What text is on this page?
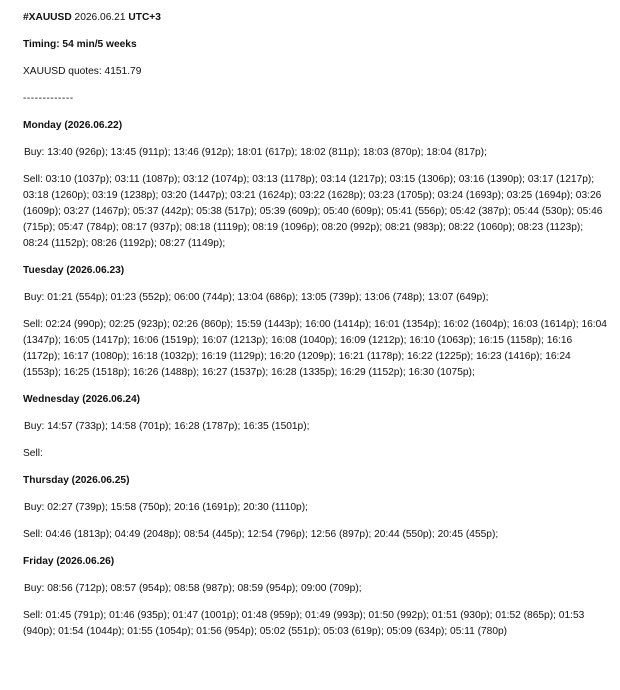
#XAUUSD 2026.06.21 UTC+3

Timing: 54 min/5 weeks

XAUUSD quotes: 4151.79

-------------

Monday (2026.06.22)

Buy: 13:40 (926p); 13:45 (911p); 13:46 (912p); 18:01 (617p); 18:02 (811p); 18:03 (870p); 18:04 (817p);

Sell: 03:10 (1037p); 03:11 (1087p); 03:12 (1074p); 03:13 (1178p); 03:14 (1217p); 03:15 (1306p); 03:16 (1390p); 03:17 (1217p); 03:18 (1260p); 03:19 (1238p); 03:20 (1447p); 03:21 (1624p); 03:22 (1628p); 03:23 (1705p); 03:24 (1693p); 03:25 (1694p); 03:26 (1609p); 03:27 (1467p); 05:37 (442p); 05:38 (517p); 05:39 (609p); 05:40 (609p); 05:41 (556p); 05:42 (387p); 05:44 (530p); 05:46 (715p); 05:47 (784p); 08:17 (937p); 08:18 (1119p); 08:19 (1096p); 08:20 (992p); 08:21 (983p); 08:22 (1060p); 08:23 (1123p); 08:24 (1152p); 08:26 (1192p); 08:27 (1149p);

Tuesday (2026.06.23)

Buy: 01:21 (554p); 01:23 (552p); 06:00 (744p); 13:04 (686p); 13:05 (739p); 13:06 (748p); 13:07 (649p);

Sell: 02:24 (990p); 02:25 (923p); 02:26 (860p); 15:59 (1443p); 16:00 (1414p); 16:01 (1354p); 16:02 (1604p); 16:03 (1614p); 16:04 (1347p); 16:05 (1417p); 16:06 (1519p); 16:07 (1213p); 16:08 (1040p); 16:09 (1212p); 16:10 (1063p); 16:15 (1158p); 16:16 (1172p); 16:17 (1080p); 16:18 (1032p); 16:19 (1129p); 16:20 (1209p); 16:21 (1178p); 16:22 (1225p); 16:23 (1416p); 16:24 (1553p); 16:25 (1518p); 16:26 (1488p); 16:27 (1537p); 16:28 (1335p); 16:29 (1152p); 16:30 (1075p);

Wednesday (2026.06.24)

Buy: 14:57 (733p); 14:58 (701p); 16:28 (1787p); 16:35 (1501p);

Sell:

Thursday (2026.06.25)

Buy: 02:27 (739p); 15:58 (750p); 20:16 (1691p); 20:30 (1110p);

Sell: 04:46 (1813p); 04:49 (2048p); 08:54 (445p); 12:54 (796p); 12:56 (897p); 20:44 (550p); 20:45 (455p);

Friday (2026.06.26)

Buy: 08:56 (712p); 08:57 (954p); 08:58 (987p); 08:59 (954p); 09:00 (709p);

Sell: 01:45 (791p); 01:46 (935p); 01:47 (1001p); 01:48 (959p); 01:49 (993p); 01:50 (992p); 01:51 (930p); 01:52 (865p); 01:53 (940p); 01:54 (1044p); 01:55 (1054p); 01:56 (954p); 05:02 (551p); 05:03 (619p); 05:09 (634p); 05:11 (780p)
